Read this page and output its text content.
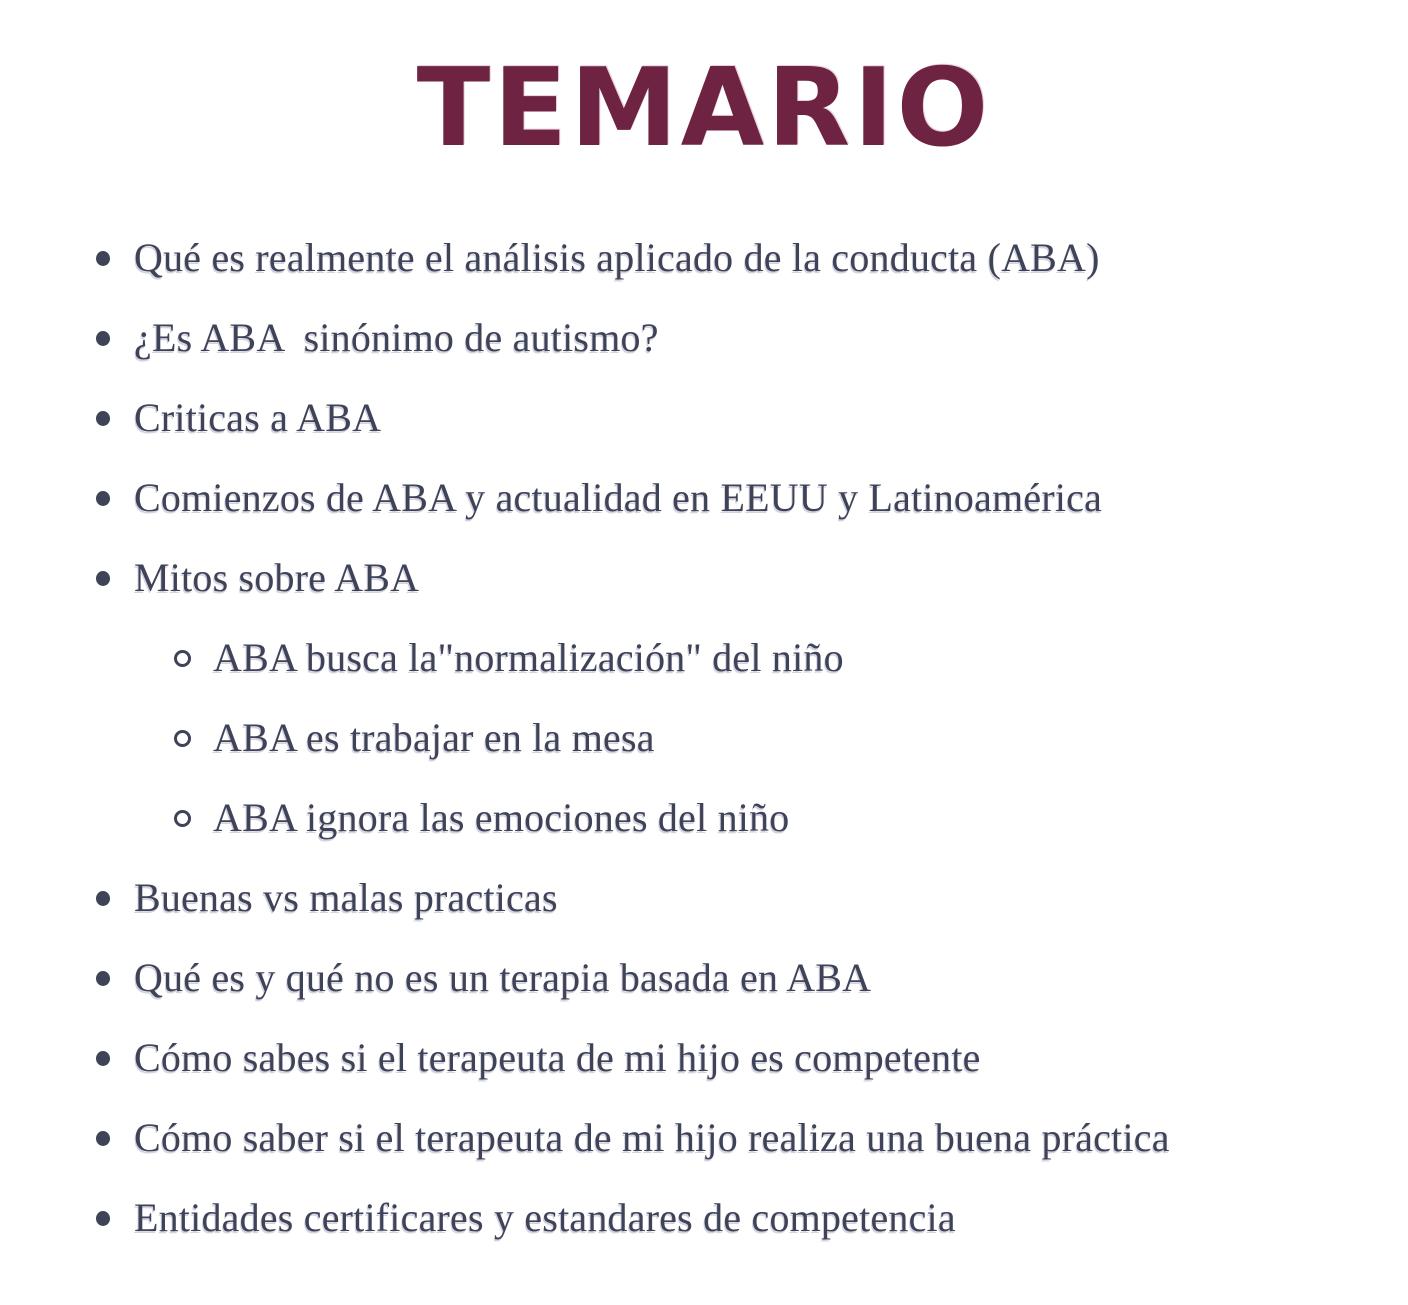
TEMARIO
Qué es realmente el análisis aplicado de la conducta (ABA)
¿Es ABA  sinónimo de autismo?
Criticas a ABA
Comienzos de ABA y actualidad en EEUU y Latinoamérica
Mitos sobre ABA
ABA busca la"normalización" del niño
ABA es trabajar en la mesa
ABA ignora las emociones del niño
Buenas vs malas practicas
Qué es y qué no es un terapia basada en ABA
Cómo sabes si el terapeuta de mi hijo es competente
Cómo saber si el terapeuta de mi hijo realiza una buena práctica
Entidades certificares y estandares de competencia
